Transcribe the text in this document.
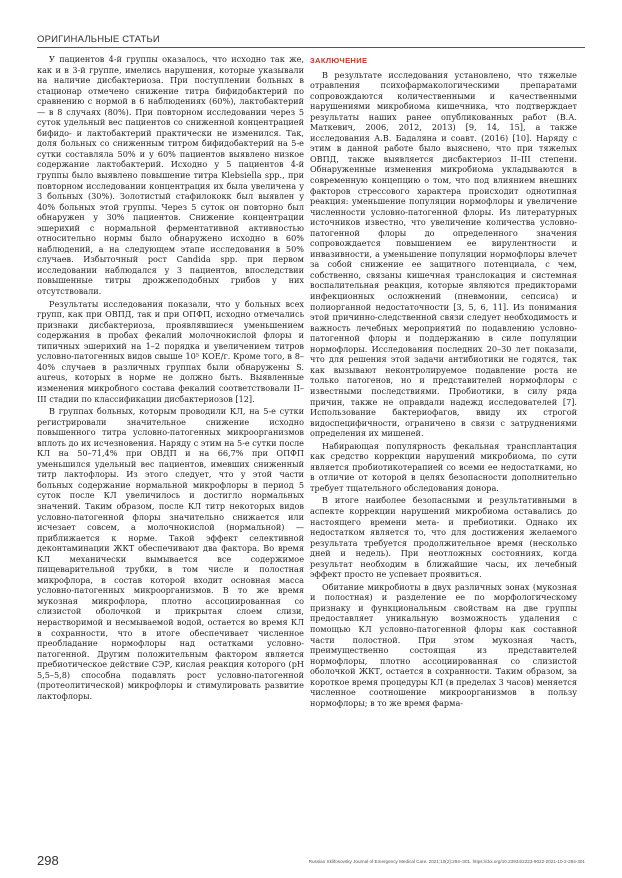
ОРИГИНАЛЬНЫЕ СТАТЬИ

У пациентов 4-й группы оказалось, что исходно так же, как и в 3-й группе, имелись нарушения, которые указывали на наличие дисбактериоза. При поступлении больных в стационар отмечено снижение титра бифидобактерий по сравнению с нормой в 6 наблюдениях (60%), лактобактерий — в 8 случаях (80%). При повторном исследовании через 5 суток удельный вес пациентов со сниженной концентрацией бифидо- и лактобактерий практически не изменился. Так, доля больных со сниженным титром бифидобактерий на 5-е сутки составляла 50% и у 60% пациентов выявлено низкое содержание лактобактерий. Исходно у 5 пациентов 4-й группы было выявлено повышение титра Klebsiella spp., при повторном исследовании концентрация их была увеличена у 3 больных (30%). Золотистый стафилококк был выявлен у 40% больных этой группы. Через 5 суток он повторно был обнаружен у 30% пациентов. Снижение концентрации эшерихий с нормальной ферментативной активностью относительно нормы было обнаружено исходно в 60% наблюдений, а на следующем этапе исследования в 50% случаев. Избыточный рост Candida spp. при первом исследовании наблюдался у 3 пациентов, впоследствии повышенные титры дрожжеподобных грибов у них отсутствовали.

Результаты исследования показали, что у больных всех групп, как при ОВПД, так и при ОПФП, исходно отмечались признаки дисбактериоза, проявлявшиеся уменьшением содержания в пробах фекалий молочнокислой флоры и типичных эшерихий на 1–2 порядка и увеличением титров условно-патогенных видов свыше 10⁵ КОЕ/г. Кроме того, в 8–40% случаев в различных группах были обнаружены S. aureus, которых в норме не должно быть. Выявленные изменения микробного состава фекалий соответствовали II–III стадии по классификации дисбактериозов [12].

В группах больных, которым проводили КЛ, на 5-е сутки регистрировали значительное снижение исходно повышенного титра условно-патогенных микроорганизмов вплоть до их исчезновения. Наряду с этим на 5-е сутки после КЛ на 50–71,4% при ОВДП и на 66,7% при ОПФП уменьшился удельный вес пациентов, имевших сниженный титр лактофлоры. Из этого следует, что у этой части больных содержание нормальной микрофлоры в период 5 суток после КЛ увеличилось и достигло нормальных значений. Таким образом, после КЛ титр некоторых видов условно-патогенной флоры значительно снижается или исчезает совсем, а молочнокислой (нормальной) — приближается к норме. Такой эффект селективной деконтаминации ЖКТ обеспечивают два фактора. Во время КЛ механически вымывается все содержимое пищеварительной трубки, в том числе и полостная микрофлора, в состав которой входит основная масса условно-патогенных микроорганизмов. В то же время мукозная микрофлора, плотно ассоциированная со слизистой оболочкой и прикрытая слоем слизи, нерастворимой и несмываемой водой, остается во время КЛ в сохранности, что в итоге обеспечивает численное преобладание нормофлоры над остатками условно-патогенной. Другим положительным фактором является пребиотическое действие СЭР, кислая реакция которого (pH 5,5–5,8) способна подавлять рост условно-патогенной (протеолитической) микрофлоры и стимулировать развитие лактофлоры.

ЗАКЛЮЧЕНИЕ

В результате исследования установлено, что тяжелые отравления психофармакологическими препаратами сопровождаются количественными и качественными нарушениями микробиома кишечника, что подтверждает результаты наших ранее опубликованных работ (В.А. Маткевич, 2006, 2012, 2013) [9, 14, 15], а также исследования А.В. Бадаляна и соавт. (2016) [10]. Наряду с этим в данной работе было выяснено, что при тяжелых ОВПД, также выявляется дисбактериоз II–III степени. Обнаруженные изменения микробиома укладываются в современную концепцию о том, что под влиянием внешних факторов стрессового характера происходит однотипная реакция: уменьшение популяции нормофлоры и увеличение численности условно-патогенной флоры. Из литературных источников известно, что увеличение количества условно-патогенной флоры до определенного значения сопровождается повышением ее вирулентности и инвазивности, а уменьшение популяции нормофлоры влечет за собой снижение ее защитного потенциала, с чем, собственно, связаны кишечная транслокация и системная воспалительная реакция, которые являются предикторами инфекционных осложнений (пневмонии, сепсиса) и полиорганной недостаточности [3, 5, 6, 11]. Из понимания этой причинно-следственной связи следует необходимость и важность лечебных мероприятий по подавлению условно-патогенной флоры и поддержанию в силе популяции нормофлоры. Исследования последних 20–30 лет показали, что для решения этой задачи антибиотики не годятся, так как вызывают неконтролируемое подавление роста не только патогенов, но и представителей нормофлоры с известными последствиями. Пробиотики, в силу ряда причин, также не оправдали надежд исследователей [7]. Использование бактериофагов, ввиду их строгой видоспецифичности, ограничено в связи с затруднениями определения их мишеней.

Набирающая популярность фекальная трансплантация как средство коррекции нарушений микробиома, по сути является пробиотикотерапией со всеми ее недостатками, но в отличие от которой в целях безопасности дополнительно требует тщательного обследования донора.

В итоге наиболее безопасными и результативными в аспекте коррекции нарушений микробиома оставались до настоящего времени мета- и пребиотики. Однако их недостатком является то, что для достижения желаемого результата требуется продолжительное время (несколько дней и недель). При неотложных состояниях, когда результат необходим в ближайшие часы, их лечебный эффект просто не успевает проявиться.

Обитание микробиоты в двух различных зонах (мукозная и полостная) и разделение ее по морфологическому признаку и функциональным свойствам на две группы предоставляет уникальную возможность удаления с помощью КЛ условно-патогенной флоры как составной части полостной. При этом мукозная часть, преимущественно состоящая из представителей нормофлоры, плотно ассоциированная со слизистой оболочкой ЖКТ, остается в сохранности. Таким образом, за короткое время процедуры КЛ (в пределах 3 часов) меняется численное соотношение микроорганизмов в пользу нормофлоры; в то же время фарма-

298	Russian Sklifosovsky Journal of Emergency Medical Care. 2021;10(2):294–301. https://doi.org/10.23934/2223-9022-2021-10-2-294-301
